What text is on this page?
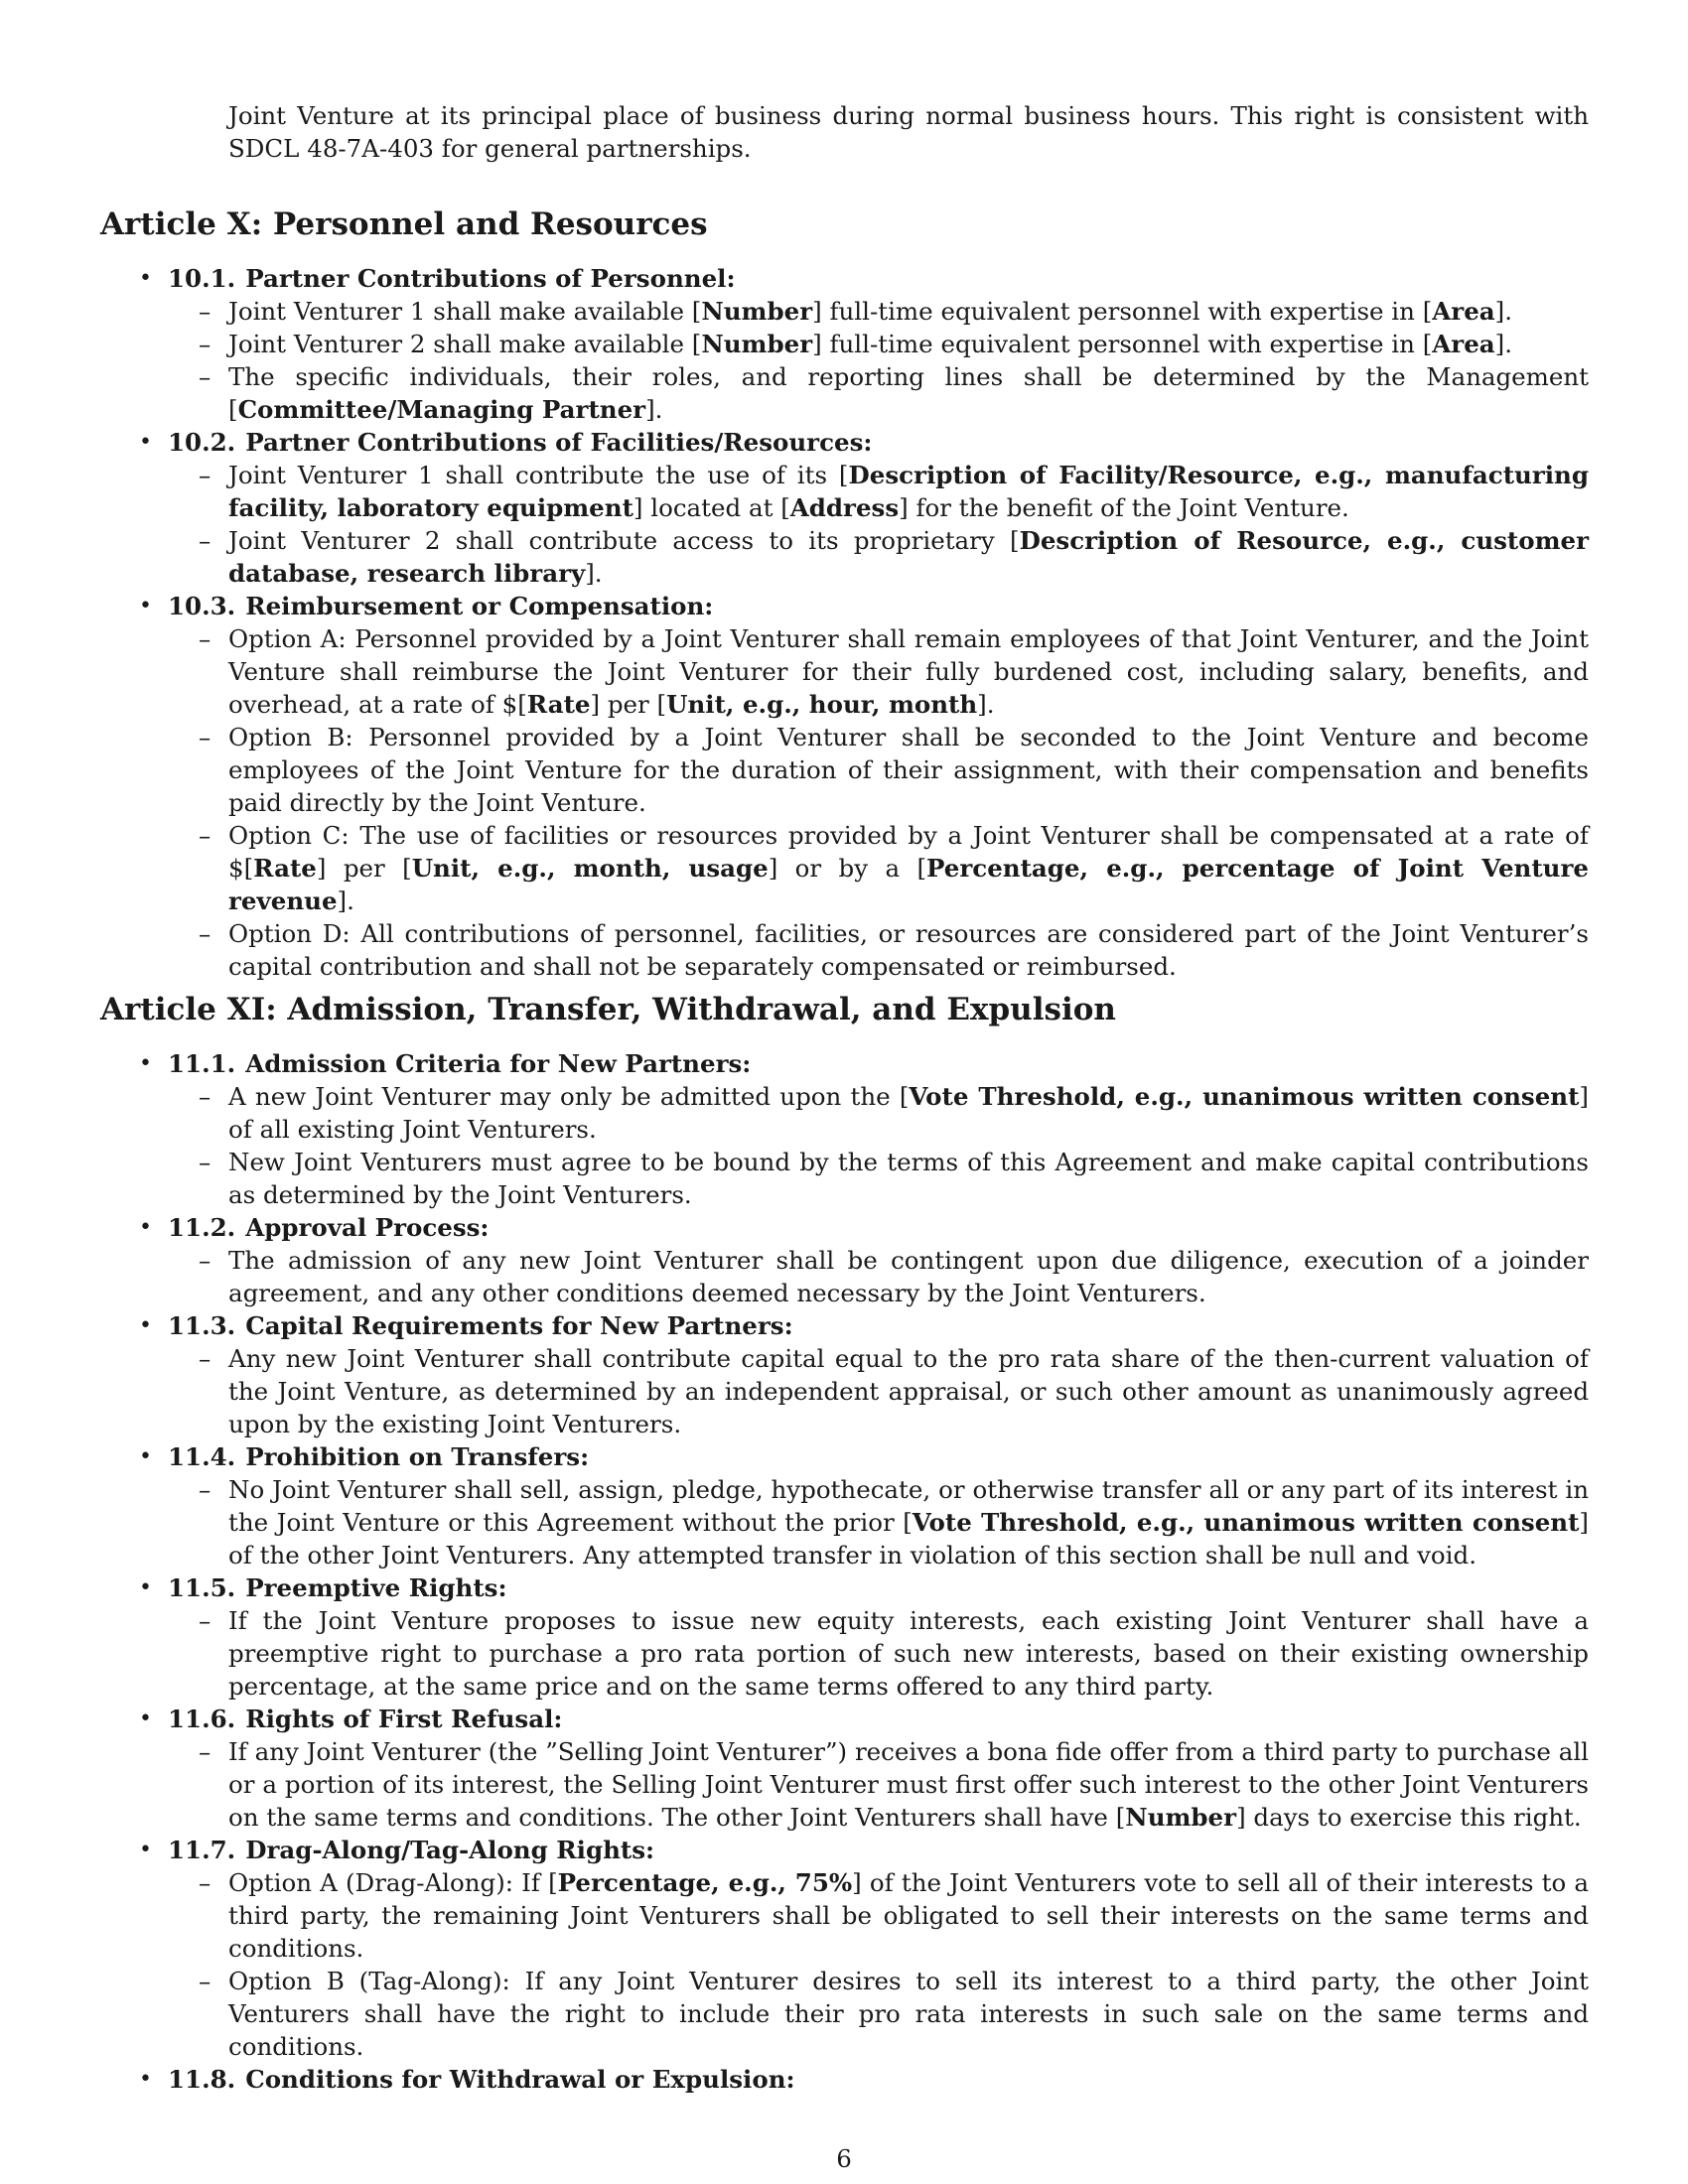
Joint Venture at its principal place of business during normal business hours. This right is consistent with SDCL 48-7A-403 for general partnerships.

Article X: Personnel and Resources
• 10.1. Partner Contributions of Personnel:
– Joint Venturer 1 shall make available [Number] full-time equivalent personnel with expertise in [Area].
– Joint Venturer 2 shall make available [Number] full-time equivalent personnel with expertise in [Area].
– The specific individuals, their roles, and reporting lines shall be determined by the Management [Committee/Managing Partner].
• 10.2. Partner Contributions of Facilities/Resources:
– Joint Venturer 1 shall contribute the use of its [Description of Facility/Resource, e.g., manufacturing facility, laboratory equipment] located at [Address] for the benefit of the Joint Venture.
– Joint Venturer 2 shall contribute access to its proprietary [Description of Resource, e.g., customer database, research library].
• 10.3. Reimbursement or Compensation:
– Option A: Personnel provided by a Joint Venturer shall remain employees of that Joint Venturer, and the Joint Venture shall reimburse the Joint Venturer for their fully burdened cost, including salary, benefits, and overhead, at a rate of $[Rate] per [Unit, e.g., hour, month].
– Option B: Personnel provided by a Joint Venturer shall be seconded to the Joint Venture and become employees of the Joint Venture for the duration of their assignment, with their compensation and benefits paid directly by the Joint Venture.
– Option C: The use of facilities or resources provided by a Joint Venturer shall be compensated at a rate of $[Rate] per [Unit, e.g., month, usage] or by a [Percentage, e.g., percentage of Joint Venture revenue].
– Option D: All contributions of personnel, facilities, or resources are considered part of the Joint Venturer’s capital contribution and shall not be separately compensated or reimbursed.
Article XI: Admission, Transfer, Withdrawal, and Expulsion
• 11.1. Admission Criteria for New Partners:
– A new Joint Venturer may only be admitted upon the [Vote Threshold, e.g., unanimous written consent] of all existing Joint Venturers.
– New Joint Venturers must agree to be bound by the terms of this Agreement and make capital contributions as determined by the Joint Venturers.
• 11.2. Approval Process:
– The admission of any new Joint Venturer shall be contingent upon due diligence, execution of a joinder agreement, and any other conditions deemed necessary by the Joint Venturers.
• 11.3. Capital Requirements for New Partners:
– Any new Joint Venturer shall contribute capital equal to the pro rata share of the then-current valuation of the Joint Venture, as determined by an independent appraisal, or such other amount as unanimously agreed upon by the existing Joint Venturers.
• 11.4. Prohibition on Transfers:
– No Joint Venturer shall sell, assign, pledge, hypothecate, or otherwise transfer all or any part of its interest in the Joint Venture or this Agreement without the prior [Vote Threshold, e.g., unanimous written consent] of the other Joint Venturers. Any attempted transfer in violation of this section shall be null and void.
• 11.5. Preemptive Rights:
– If the Joint Venture proposes to issue new equity interests, each existing Joint Venturer shall have a preemptive right to purchase a pro rata portion of such new interests, based on their existing ownership percentage, at the same price and on the same terms offered to any third party.
• 11.6. Rights of First Refusal:
– If any Joint Venturer (the ”Selling Joint Venturer”) receives a bona fide offer from a third party to purchase all or a portion of its interest, the Selling Joint Venturer must first offer such interest to the other Joint Venturers on the same terms and conditions. The other Joint Venturers shall have [Number] days to exercise this right.
• 11.7. Drag-Along/Tag-Along Rights:
– Option A (Drag-Along): If [Percentage, e.g., 75%] of the Joint Venturers vote to sell all of their interests to a third party, the remaining Joint Venturers shall be obligated to sell their interests on the same terms and conditions.
– Option B (Tag-Along): If any Joint Venturer desires to sell its interest to a third party, the other Joint Venturers shall have the right to include their pro rata interests in such sale on the same terms and conditions.
• 11.8. Conditions for Withdrawal or Expulsion:
6
